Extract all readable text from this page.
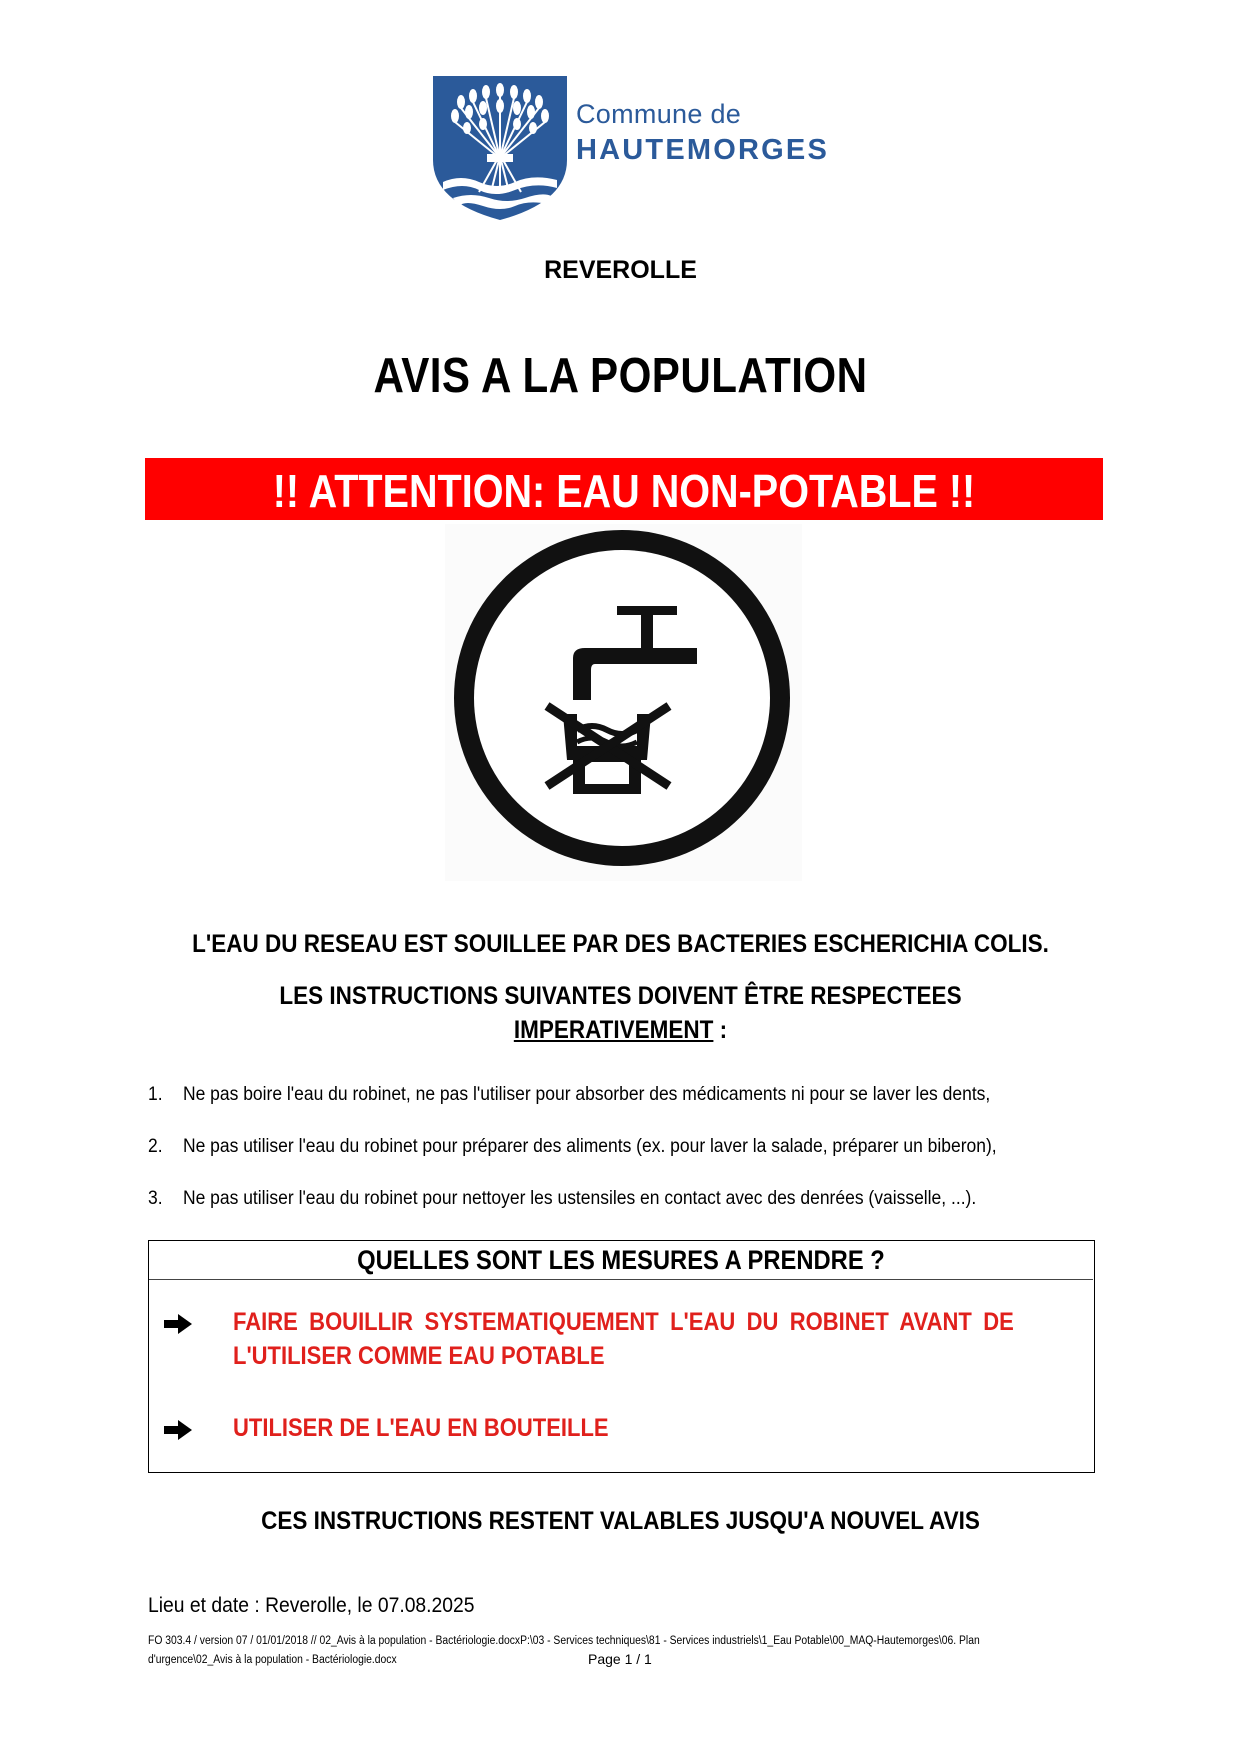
Commune de
HAUTEMORGES
REVEROLLE
AVIS A LA POPULATION
!! ATTENTION: EAU NON-POTABLE !!
L'EAU DU RESEAU EST SOUILLEE PAR DES BACTERIES ESCHERICHIA COLIS.
LES INSTRUCTIONS SUIVANTES DOIVENT ÊTRE RESPECTEES
IMPERATIVEMENT :
1. Ne pas boire l'eau du robinet, ne pas l'utiliser pour absorber des médicaments ni pour se laver les dents,
2. Ne pas utiliser l'eau du robinet pour préparer des aliments (ex. pour laver la salade, préparer un biberon),
3. Ne pas utiliser l'eau du robinet pour nettoyer les ustensiles en contact avec des denrées (vaisselle, ...).
QUELLES SONT LES MESURES A PRENDRE ?
FAIRE BOUILLIR SYSTEMATIQUEMENT L'EAU DU ROBINET AVANT DE
L'UTILISER COMME EAU POTABLE
UTILISER DE L'EAU EN BOUTEILLE
CES INSTRUCTIONS RESTENT VALABLES JUSQU'A NOUVEL AVIS
Lieu et date : Reverolle, le 07.08.2025
FO 303.4 / version 07 / 01/01/2018 // 02_Avis à la population - Bactériologie.docxP:\03 - Services techniques\81 - Services industriels\1_Eau Potable\00_MAQ-Hautemorges\06. Plan
d'urgence\02_Avis à la population - Bactériologie.docx	Page 1 / 1
